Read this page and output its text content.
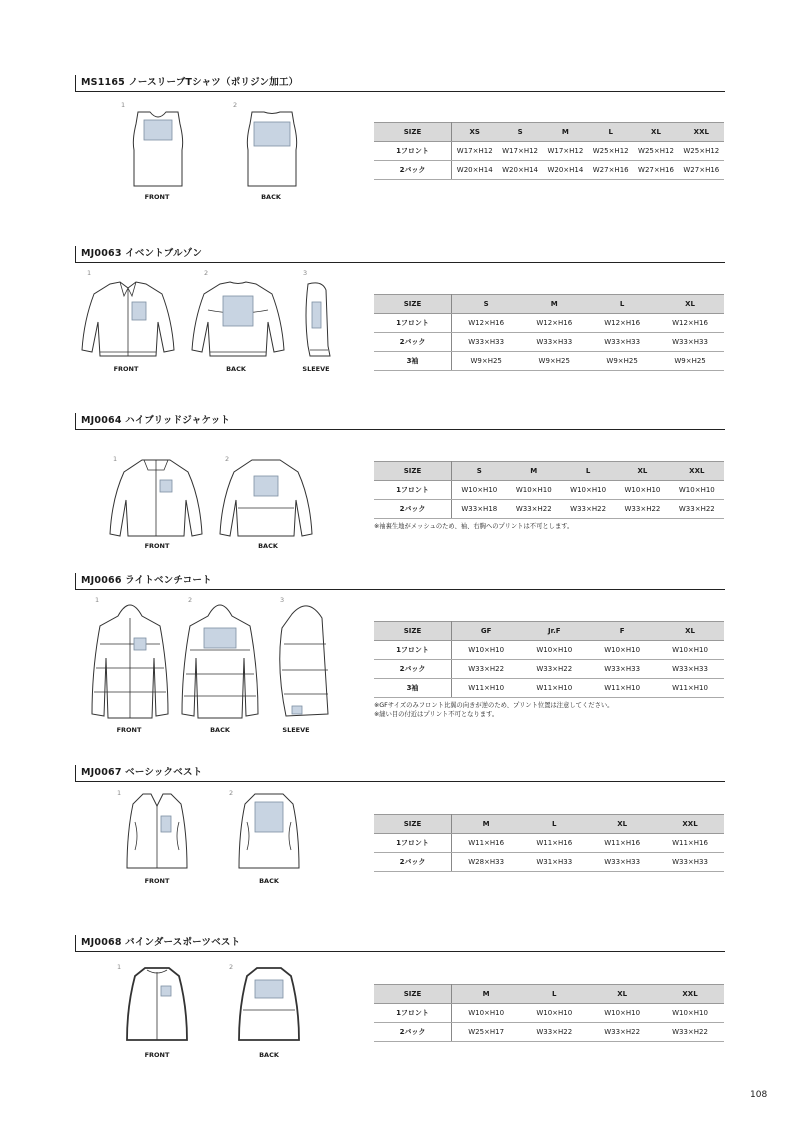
MS1165 ノースリーブTシャツ（ポリジン加工）
1	2
FRONT	BACK
SIZE	XS	S	M	L	XL	XXL
1フロント	W17×H12	W17×H12	W17×H12	W25×H12	W25×H12	W25×H12
2バック	W20×H14	W20×H14	W20×H14	W27×H16	W27×H16	W27×H16
MJ0063 イベントブルゾン
1	2	3
FRONT	BACK	SLEEVE
SIZE	S	M	L	XL
1フロント	W12×H16	W12×H16	W12×H16	W12×H16
2バック	W33×H33	W33×H33	W33×H33	W33×H33
3袖	W9×H25	W9×H25	W9×H25	W9×H25
MJ0064 ハイブリッドジャケット
1	2
FRONT	BACK
SIZE	S	M	L	XL	XXL
1フロント	W10×H10	W10×H10	W10×H10	W10×H10	W10×H10
2バック	W33×H18	W33×H22	W33×H22	W33×H22	W33×H22
※袖裏生地がメッシュのため、袖、右胸へのプリントは不可とします。
MJ0066 ライトベンチコート
1	2	3
FRONT	BACK	SLEEVE
SIZE	GF	Jr.F	F	XL
1フロント	W10×H10	W10×H10	W10×H10	W10×H10
2バック	W33×H22	W33×H22	W33×H33	W33×H33
3袖	W11×H10	W11×H10	W11×H10	W11×H10
※GFサイズのみフロント比翼の向きが逆のため、プリント位置は注意してください。
※縫い目の付近はプリント不可となります。
MJ0067 ベーシックベスト
1	2
FRONT	BACK
SIZE	M	L	XL	XXL
1フロント	W11×H16	W11×H16	W11×H16	W11×H16
2バック	W28×H33	W31×H33	W33×H33	W33×H33
MJ0068 バインダースポーツベスト
1	2
FRONT	BACK
SIZE	M	L	XL	XXL
1フロント	W10×H10	W10×H10	W10×H10	W10×H10
2バック	W25×H17	W33×H22	W33×H22	W33×H22
108
